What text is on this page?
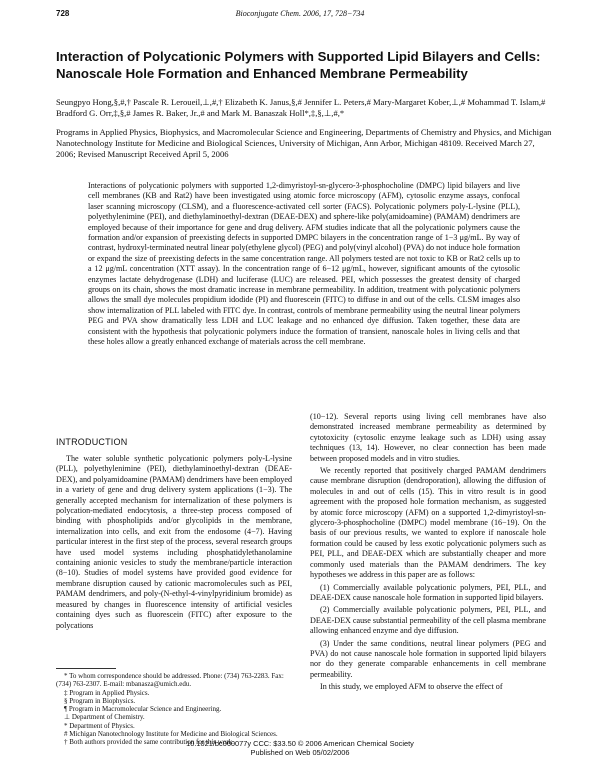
728	Bioconjugate Chem. 2006, 17, 728−734
Interaction of Polycationic Polymers with Supported Lipid Bilayers and Cells: Nanoscale Hole Formation and Enhanced Membrane Permeability
Seungpyo Hong,§,#,† Pascale R. Leroueil,⊥,#,† Elizabeth K. Janus,§,# Jennifer L. Peters,# Mary-Margaret Kober,⊥,# Mohammad T. Islam,# Bradford G. Orr,‡,§,# James R. Baker, Jr.,# and Mark M. Banaszak Holl*,‡,§,⊥,#,*
Programs in Applied Physics, Biophysics, and Macromolecular Science and Engineering, Departments of Chemistry and Physics, and Michigan Nanotechnology Institute for Medicine and Biological Sciences, University of Michigan, Ann Arbor, Michigan 48109. Received March 27, 2006; Revised Manuscript Received April 5, 2006
Interactions of polycationic polymers with supported 1,2-dimyristoyl-sn-glycero-3-phosphocholine (DMPC) lipid bilayers and live cell membranes (KB and Rat2) have been investigated using atomic force microscopy (AFM), cytosolic enzyme assays, confocal laser scanning microscopy (CLSM), and a fluorescence-activated cell sorter (FACS). Polycationic polymers poly-L-lysine (PLL), polyethylenimine (PEI), and diethylaminoethyl-dextran (DEAE-DEX) and sphere-like poly(amidoamine) (PAMAM) dendrimers are employed because of their importance for gene and drug delivery. AFM studies indicate that all the polycationic polymers cause the formation and/or expansion of preexisting defects in supported DMPC bilayers in the concentration range of 1−3 μg/mL. By way of contrast, hydroxyl-terminated neutral linear poly(ethylene glycol) (PEG) and poly(vinyl alcohol) (PVA) do not induce hole formation or expand the size of preexisting defects in the same concentration range. All polymers tested are not toxic to KB or Rat2 cells up to a 12 μg/mL concentration (XTT assay). In the concentration range of 6−12 μg/mL, however, significant amounts of the cytosolic enzymes lactate dehydrogenase (LDH) and luciferase (LUC) are released. PEI, which possesses the greatest density of charged groups on its chain, shows the most dramatic increase in membrane permeability. In addition, treatment with polycationic polymers allows the small dye molecules propidium idodide (PI) and fluorescein (FITC) to diffuse in and out of the cells. CLSM images also show internalization of PLL labeled with FITC dye. In contrast, controls of membrane permeability using the neutral linear polymers PEG and PVA show dramatically less LDH and LUC leakage and no enhanced dye diffusion. Taken together, these data are consistent with the hypothesis that polycationic polymers induce the formation of transient, nanoscale holes in living cells and that these holes allow a greatly enhanced exchange of materials across the cell membrane.
INTRODUCTION

The water soluble synthetic polycationic polymers poly-L-lysine (PLL), polyethylenimine (PEI), diethylaminoethyl-dextran (DEAE-DEX), and polyamidoamine (PAMAM) dendrimers have been employed in a variety of gene and drug delivery system applications (1−3). The generally accepted mechanism for internalization of these polymers is polycation-mediated endocytosis, a three-step process composed of binding with phospholipids and/or glycolipids in the membrane, internalization into cells, and exit from the endosome (4−7). Having particular interest in the first step of the process, several research groups have used model systems including phosphatidylethanolamine containing anionic vesicles to study the membrane/particle interaction (8−10). Studies of model systems have provided good evidence for membrane disruption caused by cationic macromolecules such as PEI, PAMAM dendrimers, and poly-(N-ethyl-4-vinylpyridinium bromide) as measured by changes in fluorescence intensity of artificial vesicles containing dyes such as fluorescein (FITC) after exposure to the polycations

(10−12). Several reports using living cell membranes have also demonstrated increased membrane permeability as determined by cytotoxicity (cytosolic enzyme leakage such as LDH) using assay techniques (13, 14). However, no clear connection has been made between proposed models and in vitro studies.

We recently reported that positively charged PAMAM dendrimers cause membrane disruption (dendroporation), allowing the diffusion of molecules in and out of cells (15). This in vitro result is in good agreement with the proposed hole formation mechanism, as suggested by atomic force microscopy (AFM) on a supported 1,2-dimyristoyl-sn-glycero-3-phosphocholine (DMPC) model membrane (16−19). On the basis of our previous results, we wanted to explore if nanoscale hole formation could be caused by less exotic polycationic polymers such as PEI, PLL, and DEAE-DEX which are substantially cheaper and more commonly used materials than the PAMAM dendrimers. The key hypotheses we address in this paper are as follows:

(1) Commercially available polycationic polymers, PEI, PLL, and DEAE-DEX cause nanoscale hole formation in supported lipid bilayers.

(2) Commercially available polycationic polymers, PEI, PLL, and DEAE-DEX cause substantial permeability of the cell plasma membrane allowing enhanced enzyme and dye diffusion.

(3) Under the same conditions, neutral linear polymers (PEG and PVA) do not cause nanoscale hole formation in supported lipid bilayers nor do they generate comparable enhancements in cell membrane permeability.

In this study, we employed AFM to observe the effect of

* To whom correspondence should be addressed. Phone: (734) 763-2283. Fax: (734) 763-2307. E-mail: mbanasza@umich.edu.
‡ Program in Applied Physics.
§ Program in Biophysics.
¶ Program in Macromolecular Science and Engineering.
⊥ Department of Chemistry.
* Department of Physics.
# Michigan Nanotechnology Institute for Medicine and Biological Sciences.
† Both authors provided the same contribution for this work.
10.1021/bc060077y CCC: $33.50 © 2006 American Chemical Society
Published on Web 05/02/2006
